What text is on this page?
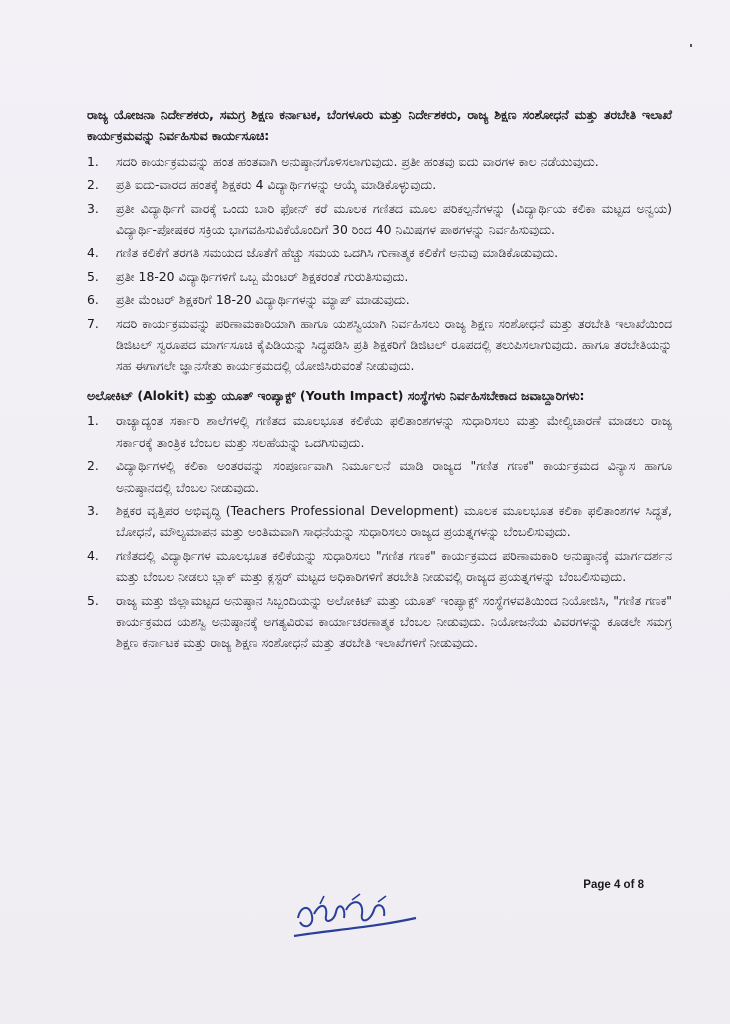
ರಾಜ್ಯ ಯೋಜನಾ ನಿರ್ದೇಶಕರು, ಸಮಗ್ರ ಶಿಕ್ಷಣ ಕರ್ನಾಟಕ, ಬೆಂಗಳೂರು ಮತ್ತು ನಿರ್ದೇಶಕರು, ರಾಜ್ಯ ಶಿಕ್ಷಣ ಸಂಶೋಧನೆ ಮತ್ತು ತರಬೇತಿ ಇಲಾಖೆ ಕಾರ್ಯಕ್ರಮವನ್ನು ನಿರ್ವಹಿಸುವ ಕಾರ್ಯಸೂಚಿ:

1.	ಸದರಿ ಕಾರ್ಯಕ್ರಮವನ್ನು ಹಂತ ಹಂತವಾಗಿ ಅನುಷ್ಠಾನಗೊಳಿಸಲಾಗುವುದು. ಪ್ರತೀ ಹಂತವು ಐದು ವಾರಗಳ ಕಾಲ ನಡೆಯುವುದು.
2.	ಪ್ರತಿ ಐದು-ವಾರದ ಹಂತಕ್ಕೆ ಶಿಕ್ಷಕರು 4 ವಿದ್ಯಾರ್ಥಿಗಳನ್ನು ಆಯ್ಕೆ ಮಾಡಿಕೊಳ್ಳುವುದು.
3.	ಪ್ರತೀ ವಿದ್ಯಾರ್ಥಿಗೆ ವಾರಕ್ಕೆ ಒಂದು ಬಾರಿ ಫೋನ್ ಕರೆ ಮೂಲಕ ಗಣಿತದ ಮೂಲ ಪರಿಕಲ್ಪನೆಗಳನ್ನು (ವಿದ್ಯಾರ್ಥಿಯ ಕಲಿಕಾ ಮಟ್ಟದ ಅನ್ವಯ) ವಿದ್ಯಾರ್ಥಿ-ಪೋಷಕರ ಸಕ್ರಿಯ ಭಾಗವಹಿಸುವಿಕೆಯೊಂದಿಗೆ 30 ರಿಂದ 40 ನಿಮಿಷಗಳ ಪಾಠಗಳನ್ನು ನಿರ್ವಹಿಸುವುದು.
4.	ಗಣಿತ ಕಲಿಕೆಗೆ ತರಗತಿ ಸಮಯದ ಜೊತೆಗೆ ಹೆಚ್ಚು ಸಮಯ ಒದಗಿಸಿ ಗುಣಾತ್ಮಕ ಕಲಿಕೆಗೆ ಅನುವು ಮಾಡಿಕೊಡುವುದು.
5.	ಪ್ರತೀ 18-20 ವಿದ್ಯಾರ್ಥಿಗಳಿಗೆ ಒಬ್ಬ ಮೆಂಟರ್ ಶಿಕ್ಷಕರಂತೆ ಗುರುತಿಸುವುದು.
6.	ಪ್ರತೀ ಮೆಂಟರ್ ಶಿಕ್ಷಕರಿಗೆ 18-20 ವಿದ್ಯಾರ್ಥಿಗಳನ್ನು ಮ್ಯಾಪ್ ಮಾಡುವುದು.
7.	ಸದರಿ ಕಾರ್ಯಕ್ರಮವನ್ನು ಪರಿಣಾಮಕಾರಿಯಾಗಿ ಹಾಗೂ ಯಶಸ್ವಿಯಾಗಿ ನಿರ್ವಹಿಸಲು ರಾಜ್ಯ ಶಿಕ್ಷಣ ಸಂಶೋಧನೆ ಮತ್ತು ತರಬೇತಿ ಇಲಾಖೆಯಿಂದ ಡಿಜಿಟಲ್ ಸ್ವರೂಪದ ಮಾರ್ಗಸೂಚಿ ಕೈಪಿಡಿಯನ್ನು ಸಿದ್ಧಪಡಿಸಿ ಪ್ರತಿ ಶಿಕ್ಷಕರಿಗೆ ಡಿಜಿಟಲ್ ರೂಪದಲ್ಲಿ ತಲುಪಿಸಲಾಗುವುದು. ಹಾಗೂ ತರಬೇತಿಯನ್ನು ಸಹ ಈಗಾಗಲೇ ಜ್ಞಾನಸೇತು ಕಾರ್ಯಕ್ರಮದಲ್ಲಿ ಯೋಜಿಸಿರುವಂತೆ ನೀಡುವುದು.

ಅಲೋಕಿಟ್ (Alokit) ಮತ್ತು ಯೂತ್ ಇಂಪ್ಯಾಕ್ಟ್ (Youth Impact) ಸಂಸ್ಥೆಗಳು ನಿರ್ವಹಿಸಬೇಕಾದ ಜವಾಬ್ದಾರಿಗಳು:

1.	ರಾಜ್ಯಾದ್ಯಂತ ಸರ್ಕಾರಿ ಶಾಲೆಗಳಲ್ಲಿ ಗಣಿತದ ಮೂಲಭೂತ ಕಲಿಕೆಯ ಫಲಿತಾಂಶಗಳನ್ನು ಸುಧಾರಿಸಲು ಮತ್ತು ಮೇಲ್ವಿಚಾರಣೆ ಮಾಡಲು ರಾಜ್ಯ ಸರ್ಕಾರಕ್ಕೆ ತಾಂತ್ರಿಕ ಬೆಂಬಲ ಮತ್ತು ಸಲಹೆಯನ್ನು ಒದಗಿಸುವುದು.
2.	ವಿದ್ಯಾರ್ಥಿಗಳಲ್ಲಿ ಕಲಿಕಾ ಅಂತರವನ್ನು ಸಂಪೂರ್ಣವಾಗಿ ನಿರ್ಮೂಲನೆ ಮಾಡಿ ರಾಜ್ಯದ "ಗಣಿತ ಗಣಕ" ಕಾರ್ಯಕ್ರಮದ ವಿನ್ಯಾಸ ಹಾಗೂ ಅನುಷ್ಠಾನದಲ್ಲಿ ಬೆಂಬಲ ನೀಡುವುದು.
3.	ಶಿಕ್ಷಕರ ವೃತ್ತಿಪರ ಅಭಿವೃದ್ಧಿ (Teachers Professional Development) ಮೂಲಕ ಮೂಲಭೂತ ಕಲಿಕಾ ಫಲಿತಾಂಶಗಳ ಸಿದ್ಧತೆ, ಬೋಧನೆ, ಮೌಲ್ಯಮಾಪನ ಮತ್ತು ಅಂತಿಮವಾಗಿ ಸಾಧನೆಯನ್ನು ಸುಧಾರಿಸಲು ರಾಜ್ಯದ ಪ್ರಯತ್ನಗಳನ್ನು ಬೆಂಬಲಿಸುವುದು.
4.	ಗಣಿತದಲ್ಲಿ ವಿದ್ಯಾರ್ಥಿಗಳ ಮೂಲಭೂತ ಕಲಿಕೆಯನ್ನು ಸುಧಾರಿಸಲು "ಗಣಿತ ಗಣಕ" ಕಾರ್ಯಕ್ರಮದ ಪರಿಣಾಮಕಾರಿ ಅನುಷ್ಠಾನಕ್ಕೆ ಮಾರ್ಗದರ್ಶನ ಮತ್ತು ಬೆಂಬಲ ನೀಡಲು ಬ್ಲಾಕ್ ಮತ್ತು ಕ್ಲಸ್ಟರ್ ಮಟ್ಟದ ಅಧಿಕಾರಿಗಳಿಗೆ ತರಬೇತಿ ನೀಡುವಲ್ಲಿ ರಾಜ್ಯದ ಪ್ರಯತ್ನಗಳನ್ನು ಬೆಂಬಲಿಸುವುದು.
5.	ರಾಜ್ಯ ಮತ್ತು ಜಿಲ್ಲಾಮಟ್ಟದ ಅನುಷ್ಠಾನ ಸಿಬ್ಬಂದಿಯನ್ನು ಅಲೋಕಿಟ್ ಮತ್ತು ಯೂತ್ ಇಂಪ್ಯಾಕ್ಟ್ ಸಂಸ್ಥೆಗಳವತಿಯಿಂದ ನಿಯೋಜಿಸಿ, "ಗಣಿತ ಗಣಕ" ಕಾರ್ಯಕ್ರಮದ ಯಶಸ್ವಿ ಅನುಷ್ಠಾನಕ್ಕೆ ಅಗತ್ಯವಿರುವ ಕಾರ್ಯಾಚರಣಾತ್ಮಕ ಬೆಂಬಲ ನೀಡುವುದು. ನಿಯೋಜನೆಯ ವಿವರಗಳನ್ನು ಕೂಡಲೇ ಸಮಗ್ರ ಶಿಕ್ಷಣ ಕರ್ನಾಟಕ ಮತ್ತು ರಾಜ್ಯ ಶಿಕ್ಷಣ ಸಂಶೋಧನೆ ಮತ್ತು ತರಬೇತಿ ಇಲಾಖೆಗಳಿಗೆ ನೀಡುವುದು.
Page 4 of 8
